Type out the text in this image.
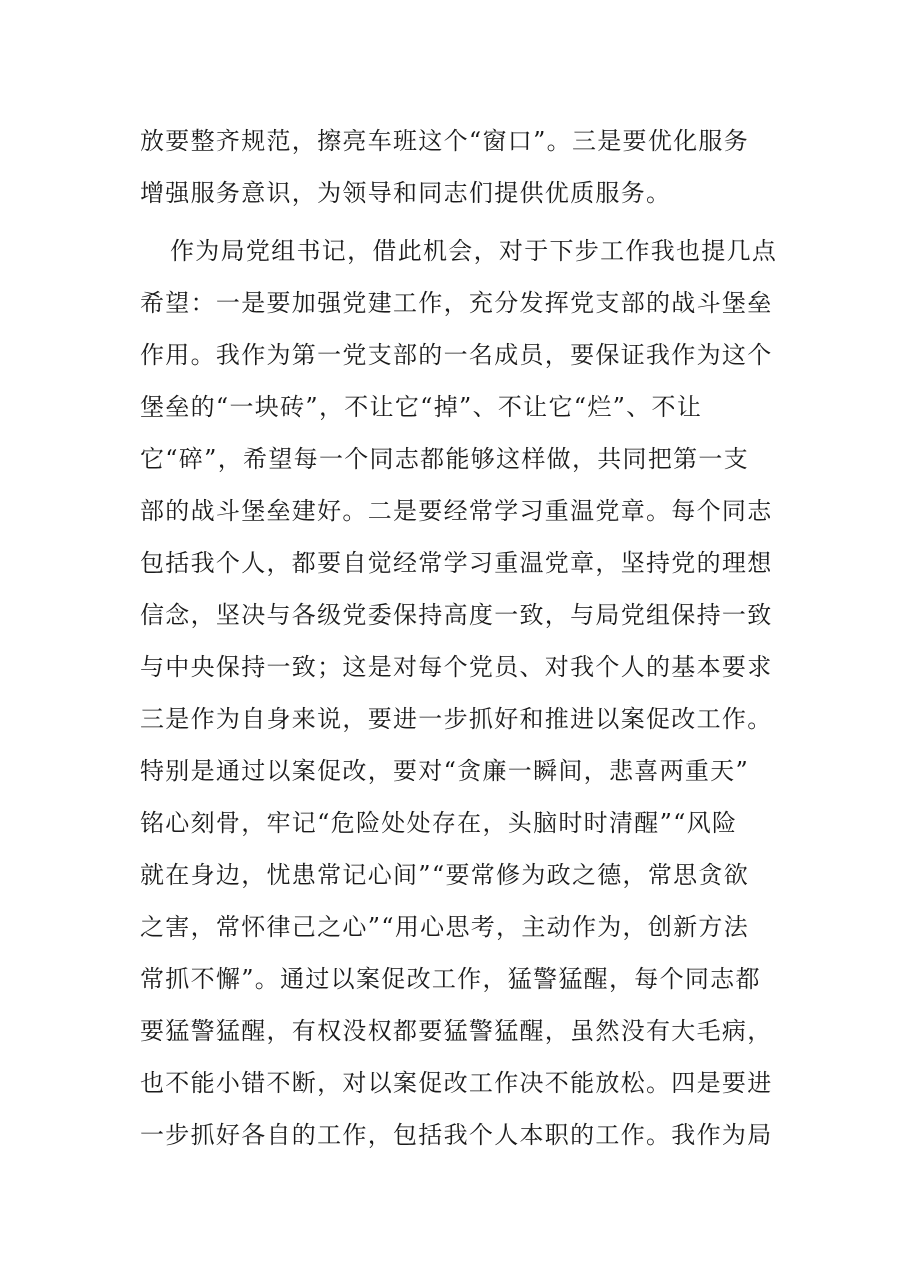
放要整齐规范，擦亮车班这个“窗口”。三是要优化服务
增强服务意识，为领导和同志们提供优质服务。
作为局党组书记，借此机会，对于下步工作我也提几点
希望：一是要加强党建工作，充分发挥党支部的战斗堡垒
作用。我作为第一党支部的一名成员，要保证我作为这个
堡垒的“一块砖”，不让它“掉”、不让它“烂”、不让
它“碎”，希望每一个同志都能够这样做，共同把第一支
部的战斗堡垒建好。二是要经常学习重温党章。每个同志
包括我个人，都要自觉经常学习重温党章，坚持党的理想
信念，坚决与各级党委保持高度一致，与局党组保持一致
与中央保持一致；这是对每个党员、对我个人的基本要求
三是作为自身来说，要进一步抓好和推进以案促改工作。
特别是通过以案促改，要对“贪廉一瞬间，悲喜两重天”
铭心刻骨，牢记“危险处处存在，头脑时时清醒”“风险
就在身边，忧患常记心间”“要常修为政之德，常思贪欲
之害，常怀律己之心”“用心思考，主动作为，创新方法
常抓不懈”。通过以案促改工作，猛警猛醒，每个同志都
要猛警猛醒，有权没权都要猛警猛醒，虽然没有大毛病，
也不能小错不断，对以案促改工作决不能放松。四是要进
一步抓好各自的工作，包括我个人本职的工作。我作为局
